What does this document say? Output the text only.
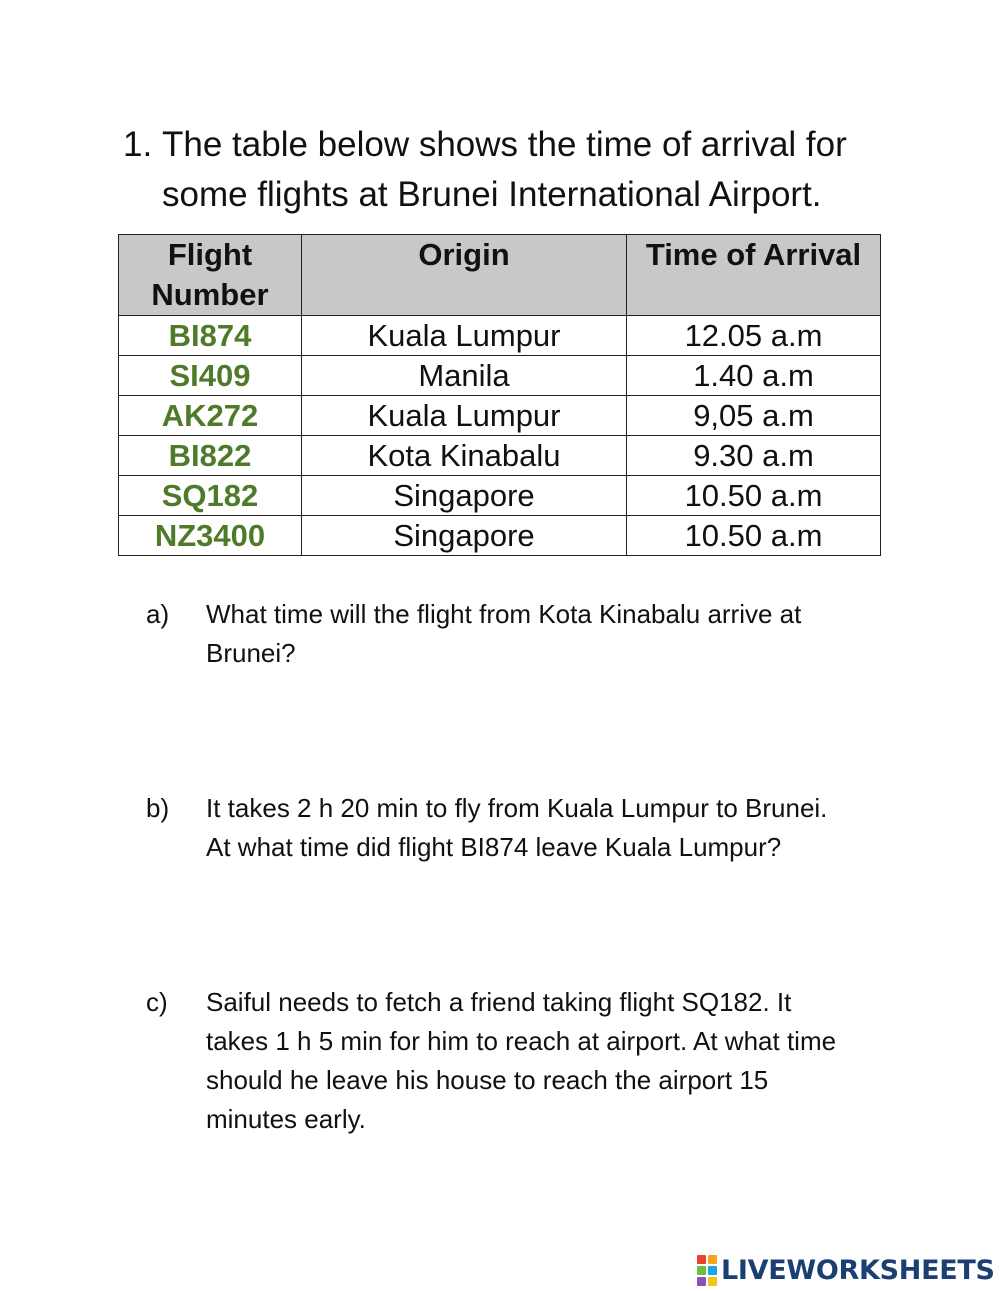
1. The table below shows the time of arrival for
some flights at Brunei International Airport.
Flight
Number	Origin	Time of Arrival
BI874	Kuala Lumpur	12.05 a.m
SI409	Manila	1.40 a.m
AK272	Kuala Lumpur	9,05 a.m
BI822	Kota Kinabalu	9.30 a.m
SQ182	Singapore	10.50 a.m
NZ3400	Singapore	10.50 a.m
a) What time will the flight from Kota Kinabalu arrive at
Brunei?
b) It takes 2 h 20 min to fly from Kuala Lumpur to Brunei.
At what time did flight BI874 leave Kuala Lumpur?
c) Saiful needs to fetch a friend taking flight SQ182. It
takes 1 h 5 min for him to reach at airport. At what time
should he leave his house to reach the airport 15
minutes early.
LIVEWORKSHEETS
